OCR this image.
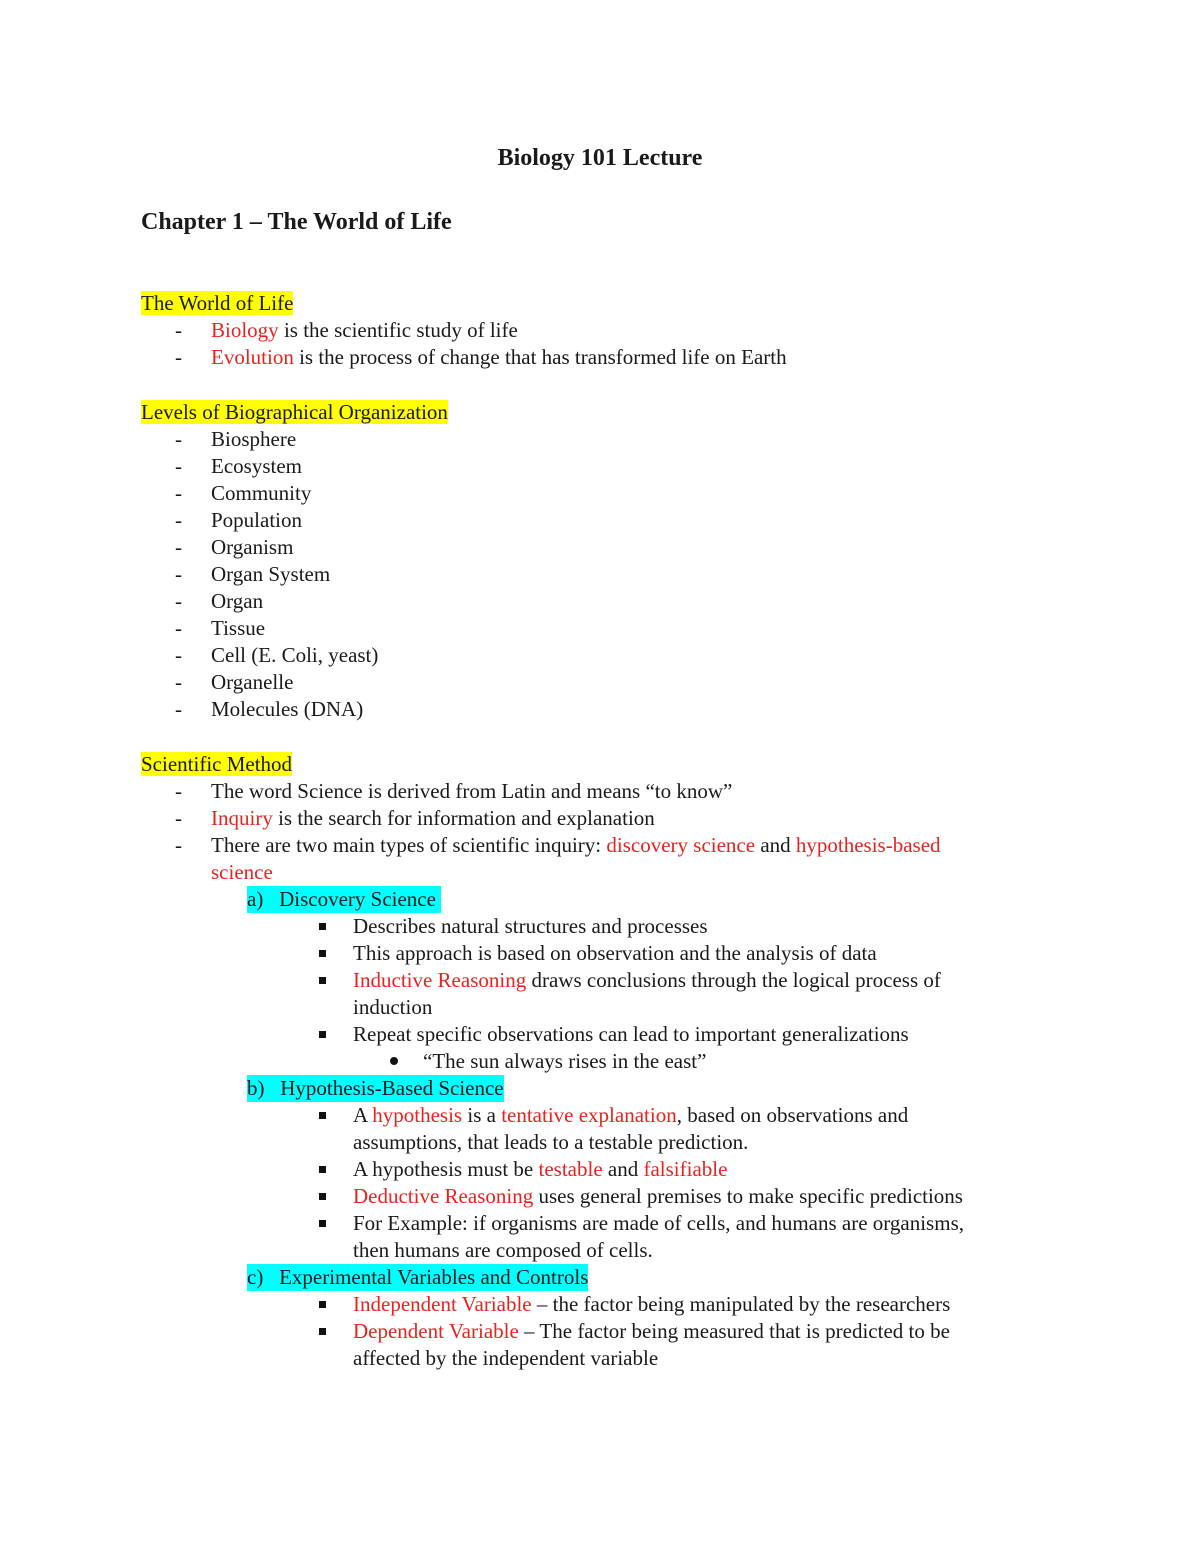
Biology 101 Lecture
Chapter 1 – The World of Life
The World of Life
- Biology is the scientific study of life
- Evolution is the process of change that has transformed life on Earth
Levels of Biographical Organization
- Biosphere
- Ecosystem
- Community
- Population
- Organism
- Organ System
- Organ
- Tissue
- Cell (E. Coli, yeast)
- Organelle
- Molecules (DNA)
Scientific Method
- The word Science is derived from Latin and means “to know”
- Inquiry is the search for information and explanation
- There are two main types of scientific inquiry: discovery science and hypothesis-based
science
a) Discovery Science
Describes natural structures and processes
This approach is based on observation and the analysis of data
Inductive Reasoning draws conclusions through the logical process of
induction
Repeat specific observations can lead to important generalizations
“The sun always rises in the east”
b) Hypothesis-Based Science
A hypothesis is a tentative explanation, based on observations and
assumptions, that leads to a testable prediction.
A hypothesis must be testable and falsifiable
Deductive Reasoning uses general premises to make specific predictions
For Example: if organisms are made of cells, and humans are organisms,
then humans are composed of cells.
c) Experimental Variables and Controls
Independent Variable – the factor being manipulated by the researchers
Dependent Variable – The factor being measured that is predicted to be
affected by the independent variable
